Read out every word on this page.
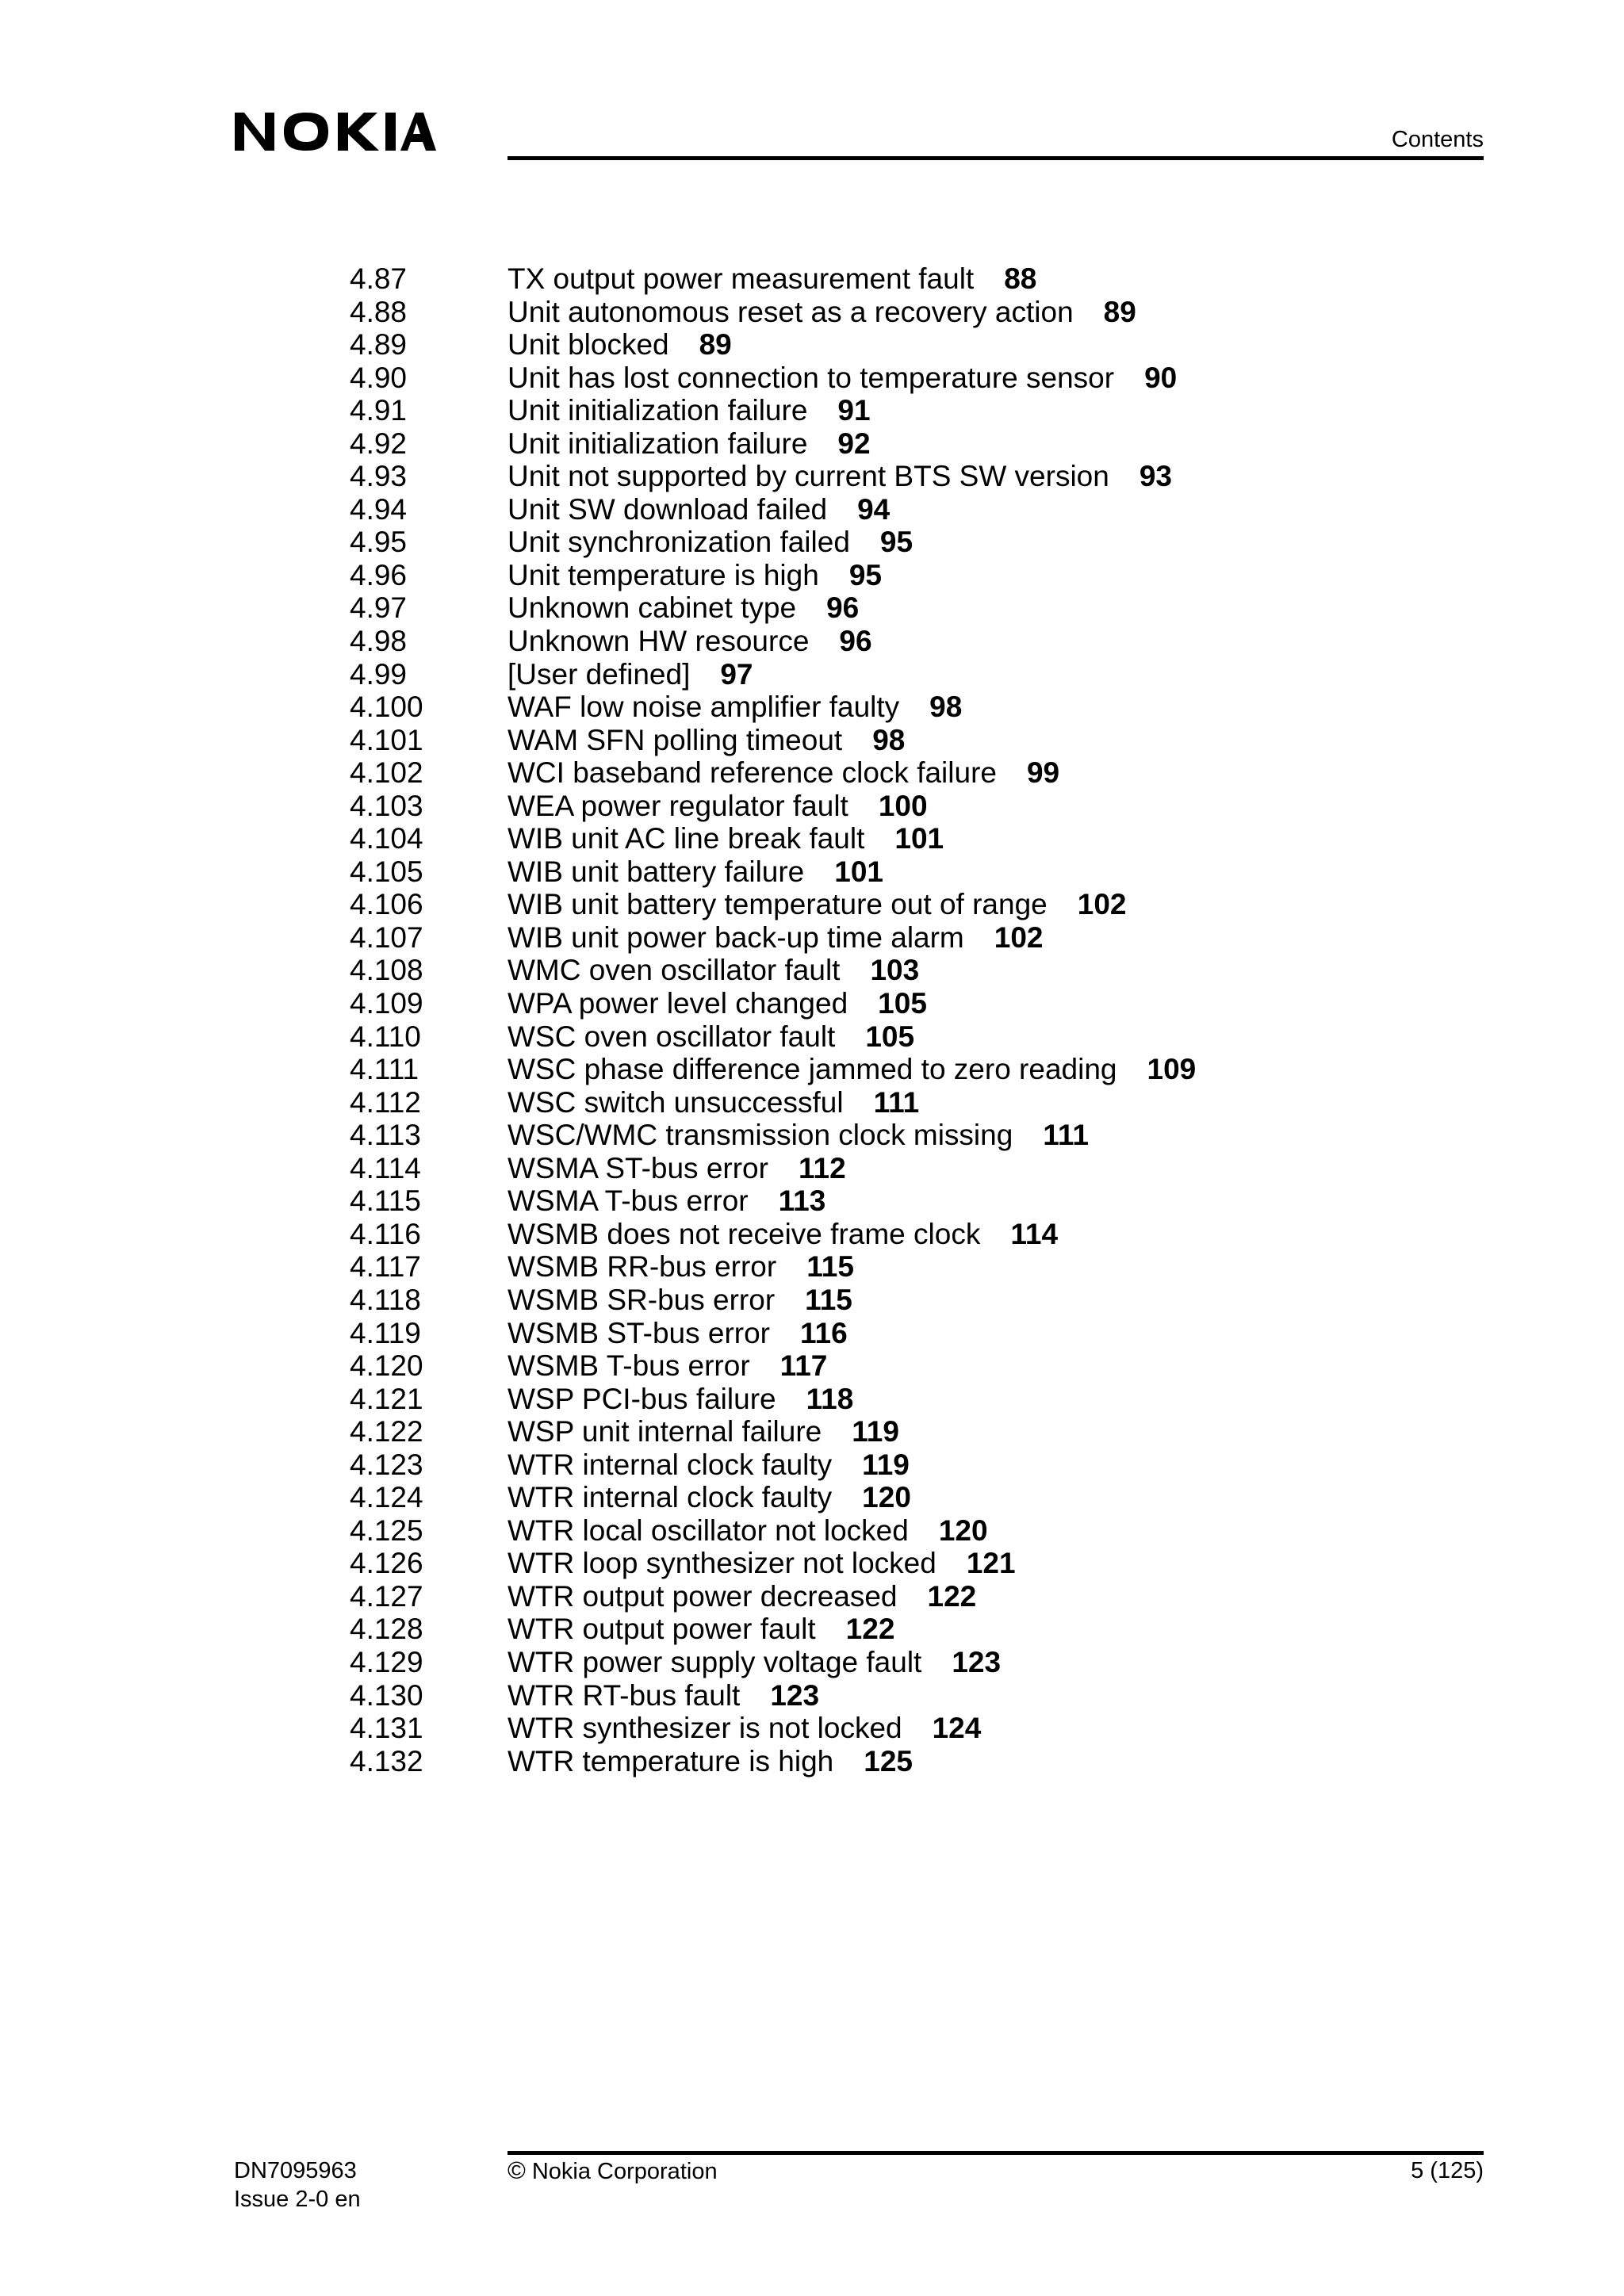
Contents
4.87	TX output power measurement fault 88
4.88	Unit autonomous reset as a recovery action 89
4.89	Unit blocked 89
4.90	Unit has lost connection to temperature sensor 90
4.91	Unit initialization failure 91
4.92	Unit initialization failure 92
4.93	Unit not supported by current BTS SW version 93
4.94	Unit SW download failed 94
4.95	Unit synchronization failed 95
4.96	Unit temperature is high 95
4.97	Unknown cabinet type 96
4.98	Unknown HW resource 96
4.99	[User defined] 97
4.100	WAF low noise amplifier faulty 98
4.101	WAM SFN polling timeout 98
4.102	WCI baseband reference clock failure 99
4.103	WEA power regulator fault 100
4.104	WIB unit AC line break fault 101
4.105	WIB unit battery failure 101
4.106	WIB unit battery temperature out of range 102
4.107	WIB unit power back-up time alarm 102
4.108	WMC oven oscillator fault 103
4.109	WPA power level changed 105
4.110	WSC oven oscillator fault 105
4.111	WSC phase difference jammed to zero reading 109
4.112	WSC switch unsuccessful 111
4.113	WSC/WMC transmission clock missing 111
4.114	WSMA ST-bus error 112
4.115	WSMA T-bus error 113
4.116	WSMB does not receive frame clock 114
4.117	WSMB RR-bus error 115
4.118	WSMB SR-bus error 115
4.119	WSMB ST-bus error 116
4.120	WSMB T-bus error 117
4.121	WSP PCI-bus failure 118
4.122	WSP unit internal failure 119
4.123	WTR internal clock faulty 119
4.124	WTR internal clock faulty 120
4.125	WTR local oscillator not locked 120
4.126	WTR loop synthesizer not locked 121
4.127	WTR output power decreased 122
4.128	WTR output power fault 122
4.129	WTR power supply voltage fault 123
4.130	WTR RT-bus fault 123
4.131	WTR synthesizer is not locked 124
4.132	WTR temperature is high 125
DN7095963
Issue 2-0 en
© Nokia Corporation	5 (125)
